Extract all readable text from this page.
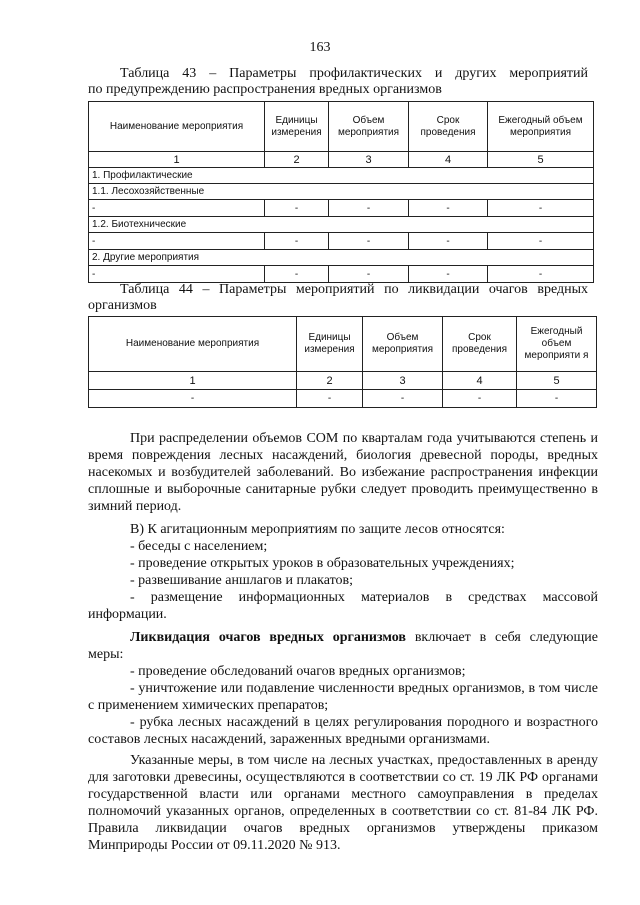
163
Таблица 43 – Параметры профилактических и других мероприятий
по предупреждению распространения вредных организмов
Наименование мероприятия	Единицы измерения	Объем мероприятия	Срок проведения	Ежегодный объем мероприятия
1	2	3	4	5
1. Профилактические				
1.1. Лесохозяйственные				
-	-	-	-	-
1.2. Биотехнические				
-	-	-	-	-
2. Другие мероприятия				
-	-	-	-	-
Таблица 44 – Параметры мероприятий по ликвидации очагов вредных
организмов
Наименование мероприятия	Единицы измерения	Объем мероприятия	Срок проведения	Ежегодный объем мероприяти я
1	2	3	4	5
-	-	-	-	-

При распределении объемов СОМ по кварталам года учитываются степень и время повреждения лесных насаждений, биология древесной породы, вредных насекомых и возбудителей заболеваний. Во избежание распространения инфекции сплошные и выборочные санитарные рубки следует проводить преимущественно в зимний период.

В) К агитационным мероприятиям по защите лесов относятся:

- беседы с населением;

- проведение открытых уроков в образовательных учреждениях;

- развешивание аншлагов и плакатов;

- размещение информационных материалов в средствах массовой информации.

Ликвидация очагов вредных организмов включает в себя следующие меры:

- проведение обследований очагов вредных организмов;

- уничтожение или подавление численности вредных организмов, в том числе с применением химических препаратов;

- рубка лесных насаждений в целях регулирования породного и возрастного составов лесных насаждений, зараженных вредными организмами.

Указанные меры, в том числе на лесных участках, предоставленных в аренду для заготовки древесины, осуществляются в соответствии со ст. 19 ЛК РФ органами государственной власти или органами местного самоуправления в пределах полномочий указанных органов, определенных в соответствии со ст. 81-84 ЛК РФ. Правила ликвидации очагов вредных организмов утверждены приказом Минприроды России от 09.11.2020 № 913.
